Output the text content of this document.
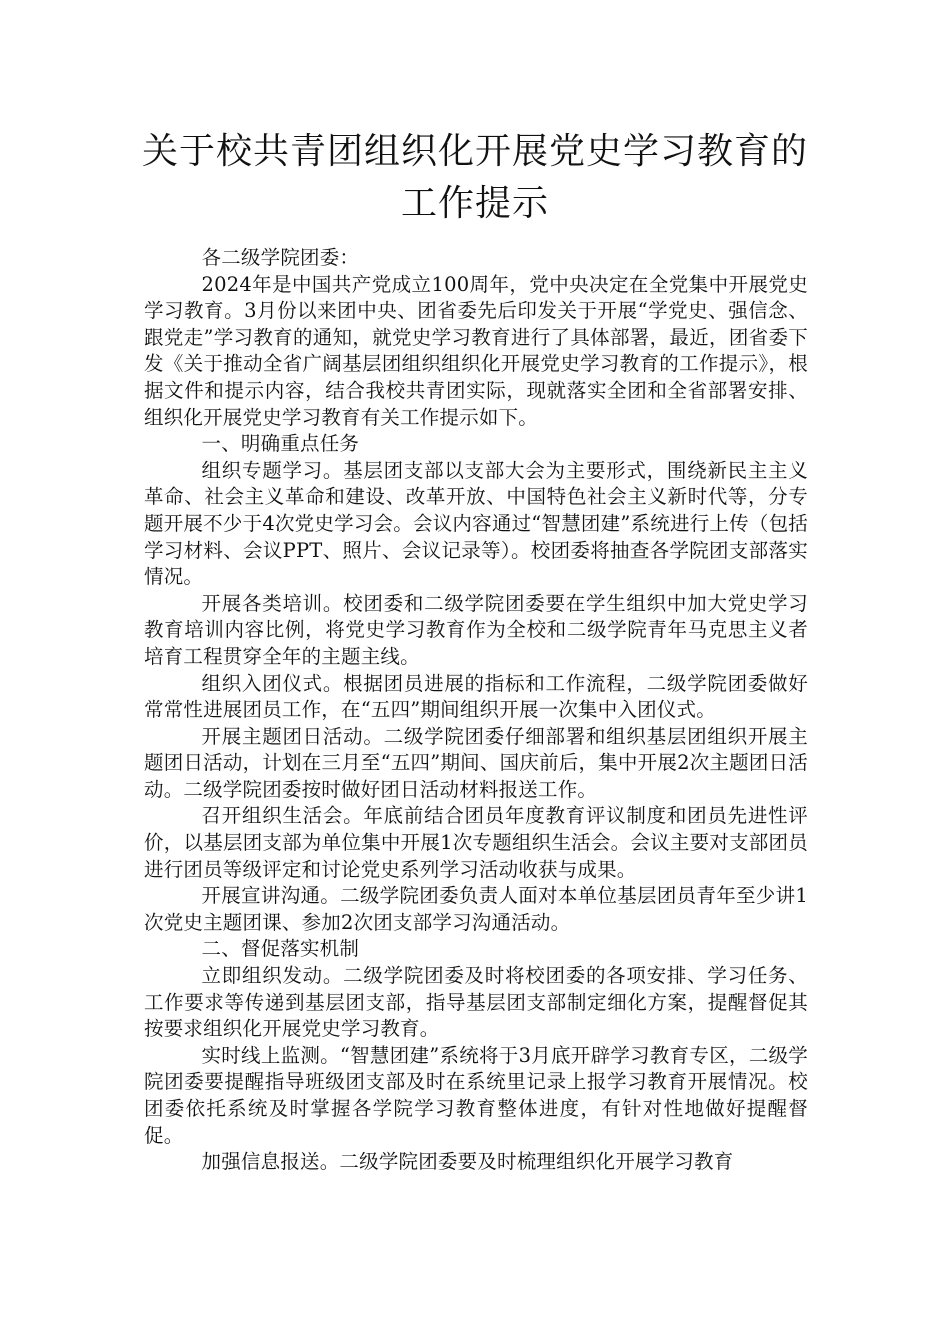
关于校共青团组织化开展党史学习教育的
工作提示

各二级学院团委：

2024年是中国共产党成立100周年，党中央决定在全党集中开展党史学习教育。3月份以来团中央、团省委先后印发关于开展“学党史、强信念、跟党走”学习教育的通知，就党史学习教育进行了具体部署，最近，团省委下发《关于推动全省广阔基层团组织组织化开展党史学习教育的工作提示》，根据文件和提示内容，结合我校共青团实际，现就落实全团和全省部署安排、组织化开展党史学习教育有关工作提示如下。

一、明确重点任务

组织专题学习。基层团支部以支部大会为主要形式，围绕新民主主义革命、社会主义革命和建设、改革开放、中国特色社会主义新时代等，分专题开展不少于4次党史学习会。会议内容通过“智慧团建”系统进行上传（包括学习材料、会议PPT、照片、会议记录等）。校团委将抽查各学院团支部落实情况。

开展各类培训。校团委和二级学院团委要在学生组织中加大党史学习教育培训内容比例，将党史学习教育作为全校和二级学院青年马克思主义者培育工程贯穿全年的主题主线。

组织入团仪式。根据团员进展的指标和工作流程，二级学院团委做好常常性进展团员工作，在“五四”期间组织开展一次集中入团仪式。

开展主题团日活动。二级学院团委仔细部署和组织基层团组织开展主题团日活动，计划在三月至“五四”期间、国庆前后，集中开展2次主题团日活动。二级学院团委按时做好团日活动材料报送工作。

召开组织生活会。年底前结合团员年度教育评议制度和团员先进性评价，以基层团支部为单位集中开展1次专题组织生活会。会议主要对支部团员进行团员等级评定和讨论党史系列学习活动收获与成果。

开展宣讲沟通。二级学院团委负责人面对本单位基层团员青年至少讲1次党史主题团课、参加2次团支部学习沟通活动。

二、督促落实机制

立即组织发动。二级学院团委及时将校团委的各项安排、学习任务、工作要求等传递到基层团支部，指导基层团支部制定细化方案，提醒督促其按要求组织化开展党史学习教育。

实时线上监测。“智慧团建”系统将于3月底开辟学习教育专区，二级学院团委要提醒指导班级团支部及时在系统里记录上报学习教育开展情况。校团委依托系统及时掌握各学院学习教育整体进度，有针对性地做好提醒督促。

加强信息报送。二级学院团委要及时梳理组织化开展学习教育
